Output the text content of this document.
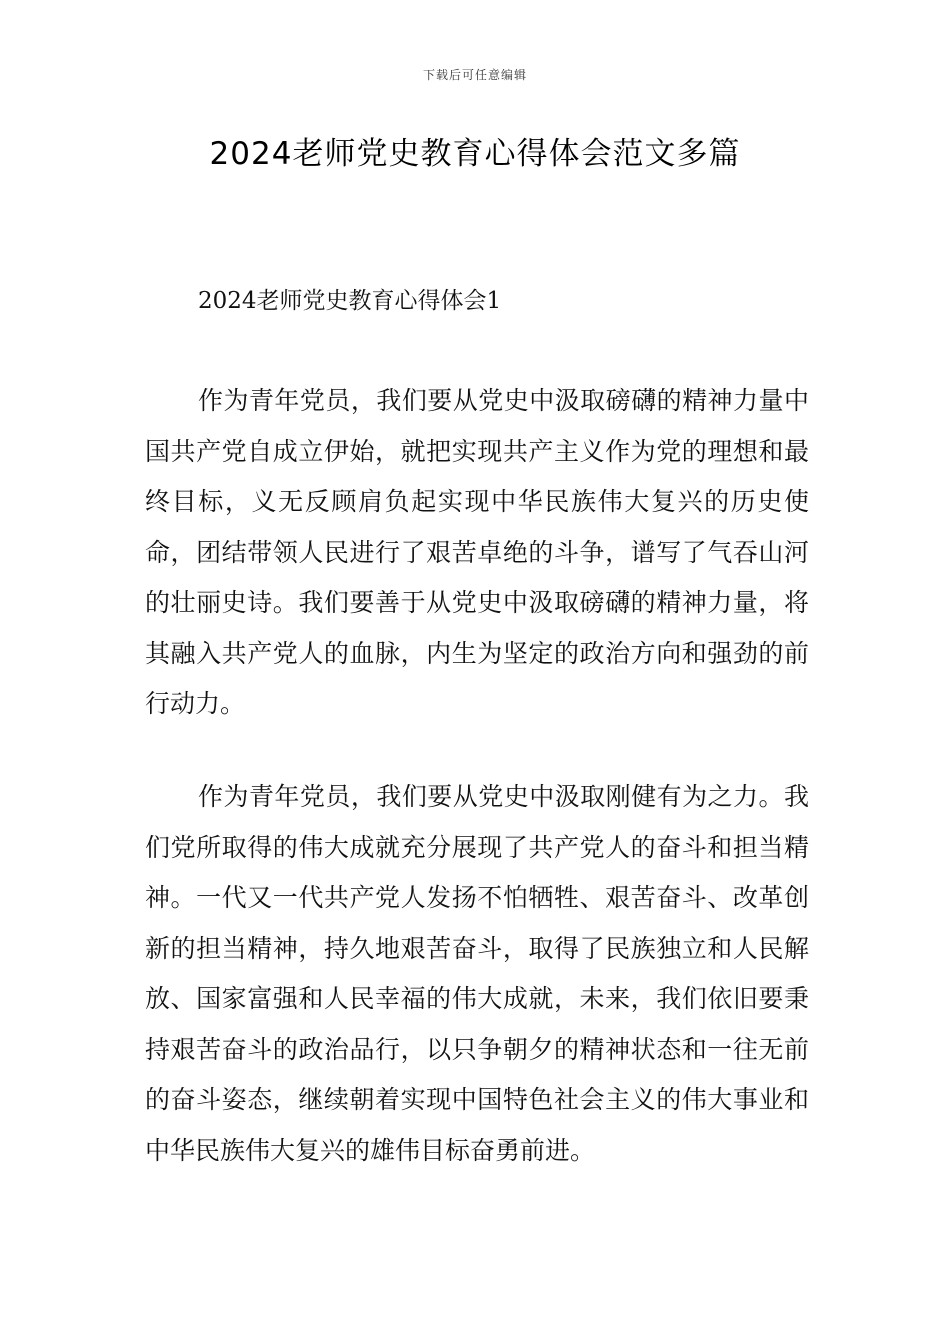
下载后可任意编辑
2024老师党史教育心得体会范文多篇
2024老师党史教育心得体会1

作为青年党员，我们要从党史中汲取磅礴的精神力量中国共产党自成立伊始，就把实现共产主义作为党的理想和最终目标，义无反顾肩负起实现中华民族伟大复兴的历史使命，团结带领人民进行了艰苦卓绝的斗争，谱写了气吞山河的壮丽史诗。我们要善于从党史中汲取磅礴的精神力量，将其融入共产党人的血脉，内生为坚定的政治方向和强劲的前行动力。

作为青年党员，我们要从党史中汲取刚健有为之力。我们党所取得的伟大成就充分展现了共产党人的奋斗和担当精神。一代又一代共产党人发扬不怕牺牲、艰苦奋斗、改革创新的担当精神，持久地艰苦奋斗，取得了民族独立和人民解放、国家富强和人民幸福的伟大成就，未来，我们依旧要秉持艰苦奋斗的政治品行，以只争朝夕的精神状态和一往无前的奋斗姿态，继续朝着实现中国特色社会主义的伟大事业和中华民族伟大复兴的雄伟目标奋勇前进。
